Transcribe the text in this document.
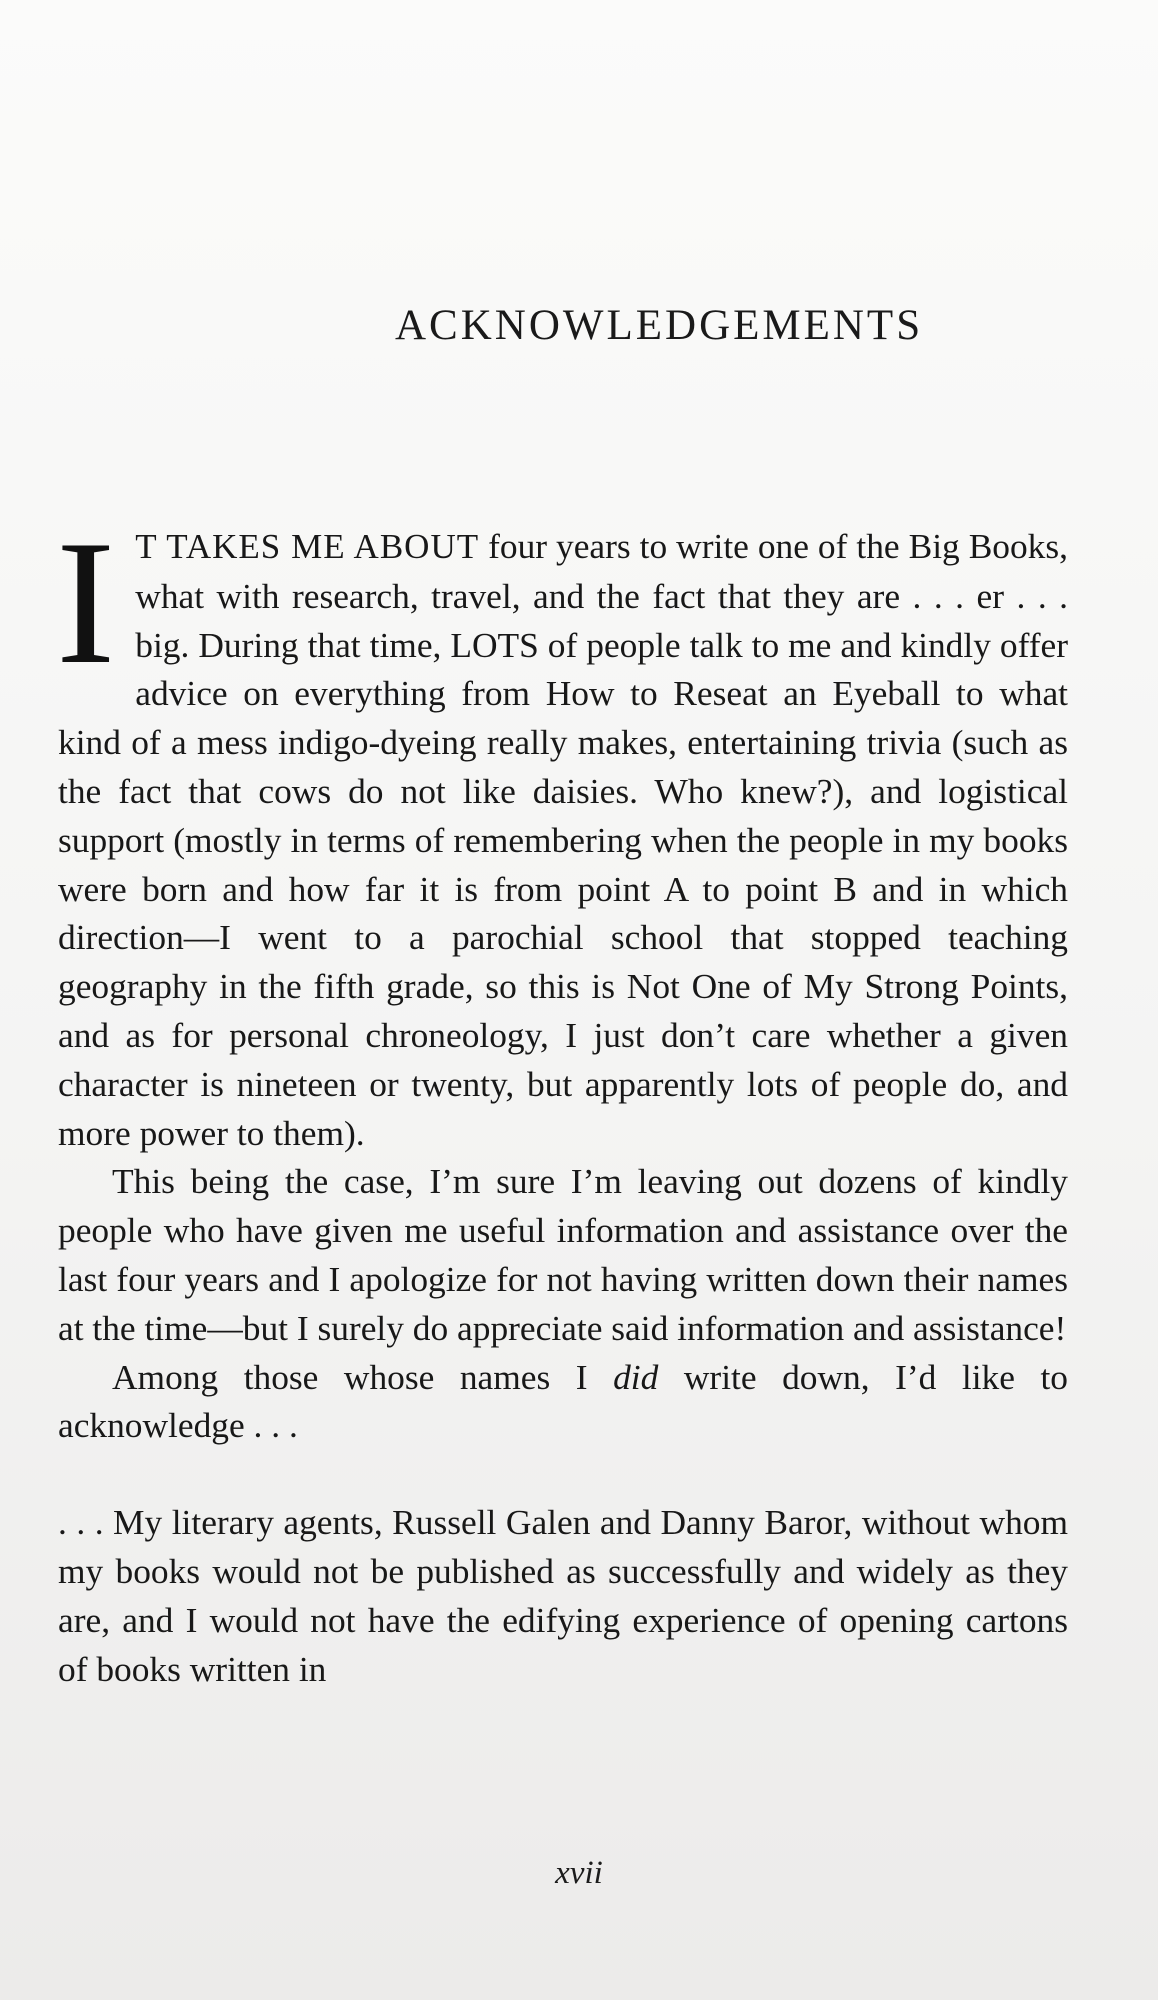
ACKNOWLEDGEMENTS

I T TAKES ME ABOUT four years to write one of the Big Books, what with research, travel, and the fact that they are . . . er . . . big. During that time, LOTS of people talk to me and kindly offer advice on everything from How to Reseat an Eyeball to what kind of a mess indigo-dyeing really makes, entertaining trivia (such as the fact that cows do not like daisies. Who knew?), and logistical support (mostly in terms of remembering when the people in my books were born and how far it is from point A to point B and in which direction—I went to a parochial school that stopped teaching geography in the fifth grade, so this is Not One of My Strong Points, and as for personal chroneology, I just don’t care whether a given character is nineteen or twenty, but apparently lots of people do, and more power to them).

This being the case, I’m sure I’m leaving out dozens of kindly people who have given me useful information and assistance over the last four years and I apologize for not having written down their names at the time—but I surely do appreciate said information and assistance!

Among those whose names I did write down, I’d like to acknowledge . . .

. . . My literary agents, Russell Galen and Danny Baror, without whom my books would not be published as successfully and widely as they are, and I would not have the edifying experience of opening cartons of books written in

xvii
